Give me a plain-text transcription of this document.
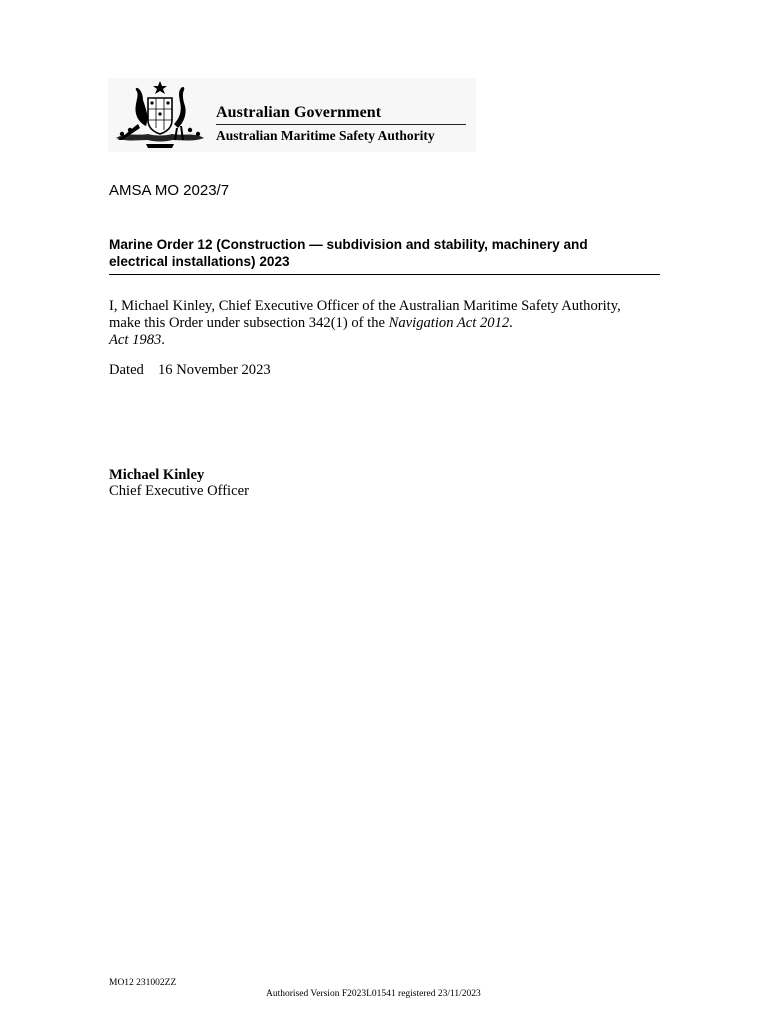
Australian Government
Australian Maritime Safety Authority
AMSA MO 2023/7
Marine Order 12 (Construction — subdivision and stability, machinery and
electrical installations) 2023
I, Michael Kinley, Chief Executive Officer of the Australian Maritime Safety Authority,
make this Order under subsection 342(1) of the Navigation Act 2012.
Act 1983.
Dated 16 November 2023
Michael Kinley
Chief Executive Officer
MO12 231002ZZ
Authorised Version F2023L01541 registered 23/11/2023
